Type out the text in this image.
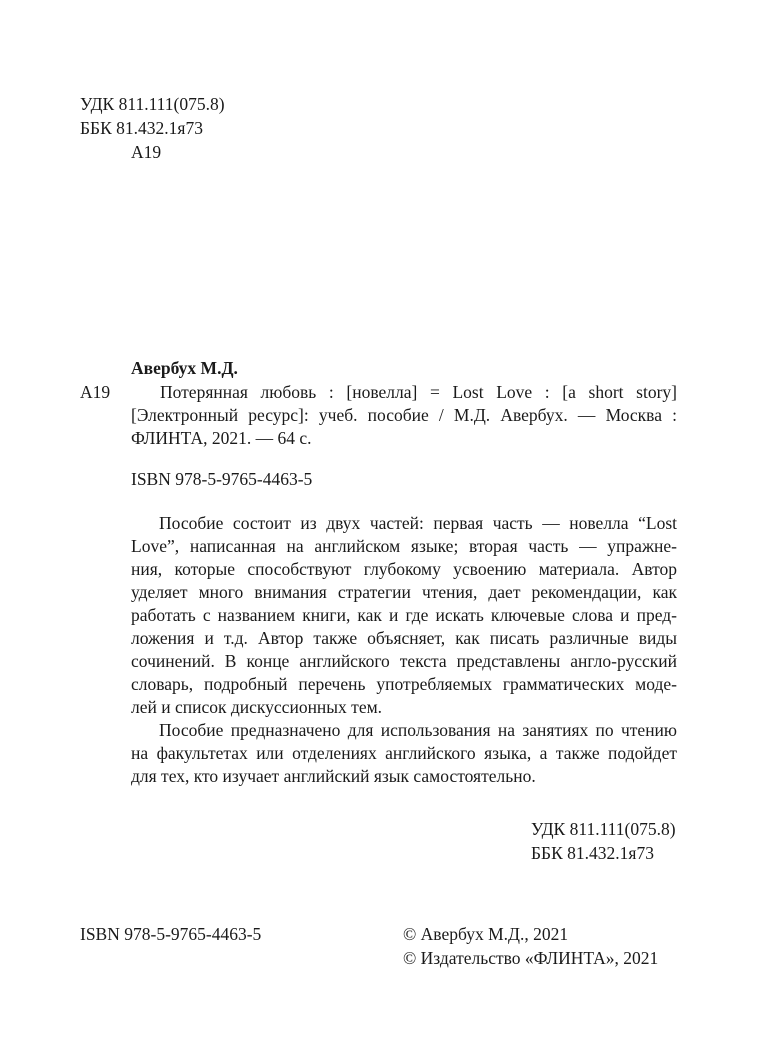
УДК 811.111(075.8)
ББК 81.432.1я73
А19
Авербух М.Д.
А19	Потерянная любовь : [новелла] = Lost Love : [a short story]
[Электронный ресурс]: учеб. пособие / М.Д. Авербух. — Москва :
ФЛИНТА, 2021. — 64 с.
ISBN 978-5-9765-4463-5
Пособие состоит из двух частей: первая часть — новелла “Lost
Love”, написанная на английском языке; вторая часть — упражне-
ния, которые способствуют глубокому усвоению материала. Автор
уделяет много внимания стратегии чтения, дает рекомендации, как
работать с названием книги, как и где искать ключевые слова и пред-
ложения и т.д. Автор также объясняет, как писать различные виды
сочинений. В конце английского текста представлены англо-русский
словарь, подробный перечень употребляемых грамматических моде-
лей и список дискуссионных тем.
Пособие предназначено для использования на занятиях по чтению
на факультетах или отделениях английского языка, а также подойдет
для тех, кто изучает английский язык самостоятельно.
УДК 811.111(075.8)
ББК 81.432.1я73
ISBN 978-5-9765-4463-5	© Авербух М.Д., 2021
© Издательство «ФЛИНТА», 2021
